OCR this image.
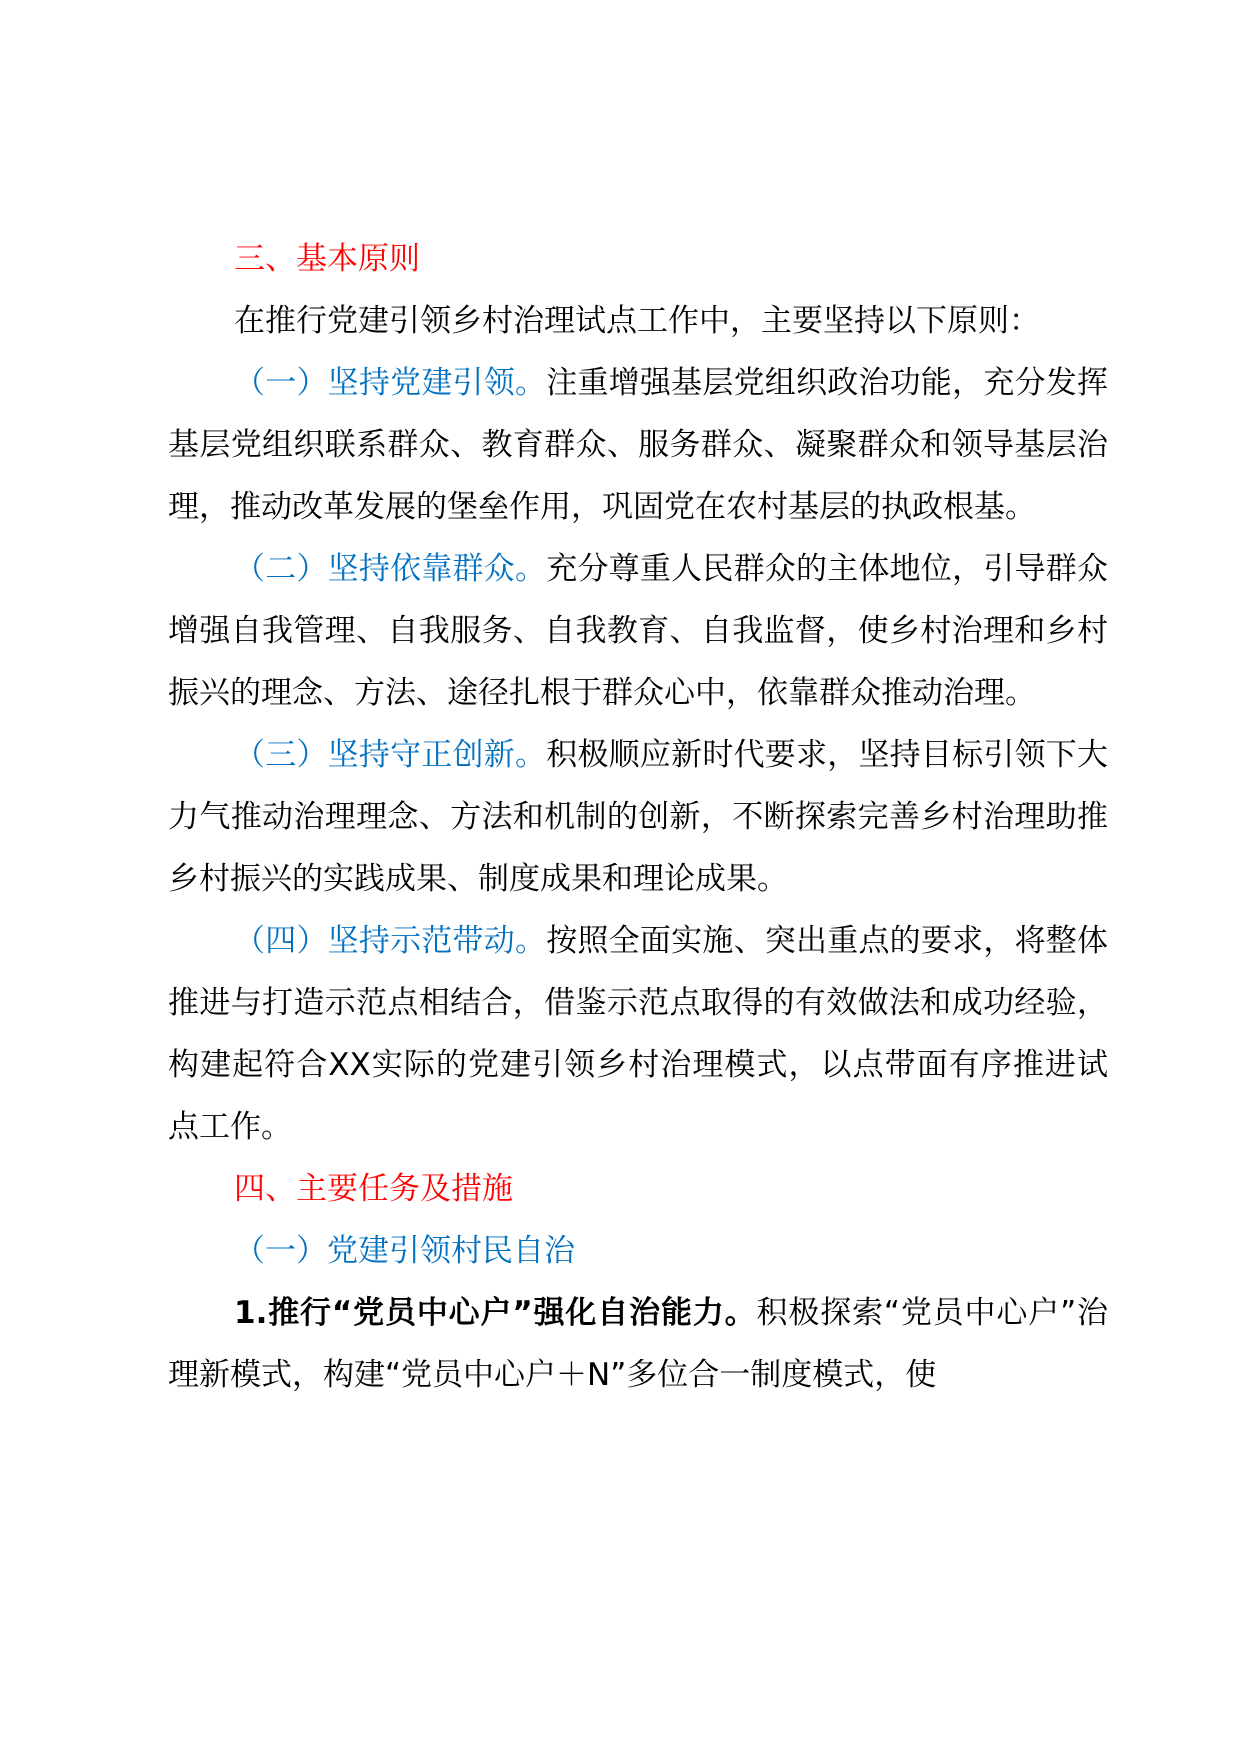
三、基本原则
在推行党建引领乡村治理试点工作中，主要坚持以下原则：
（一）坚持党建引领。注重增强基层党组织政治功能，充分发挥基层党组织联系群众、教育群众、服务群众、凝聚群众和领导基层治理，推动改革发展的堡垒作用，巩固党在农村基层的执政根基。
（二）坚持依靠群众。充分尊重人民群众的主体地位，引导群众增强自我管理、自我服务、自我教育、自我监督，使乡村治理和乡村振兴的理念、方法、途径扎根于群众心中，依靠群众推动治理。
（三）坚持守正创新。积极顺应新时代要求，坚持目标引领下大力气推动治理理念、方法和机制的创新，不断探索完善乡村治理助推乡村振兴的实践成果、制度成果和理论成果。
（四）坚持示范带动。按照全面实施、突出重点的要求，将整体推进与打造示范点相结合，借鉴示范点取得的有效做法和成功经验，构建起符合XX实际的党建引领乡村治理模式，以点带面有序推进试点工作。
四、主要任务及措施
（一）党建引领村民自治
1.推行“党员中心户”强化自治能力。积极探索“党员中心户”治理新模式，构建“党员中心户＋N”多位合一制度模式，使
